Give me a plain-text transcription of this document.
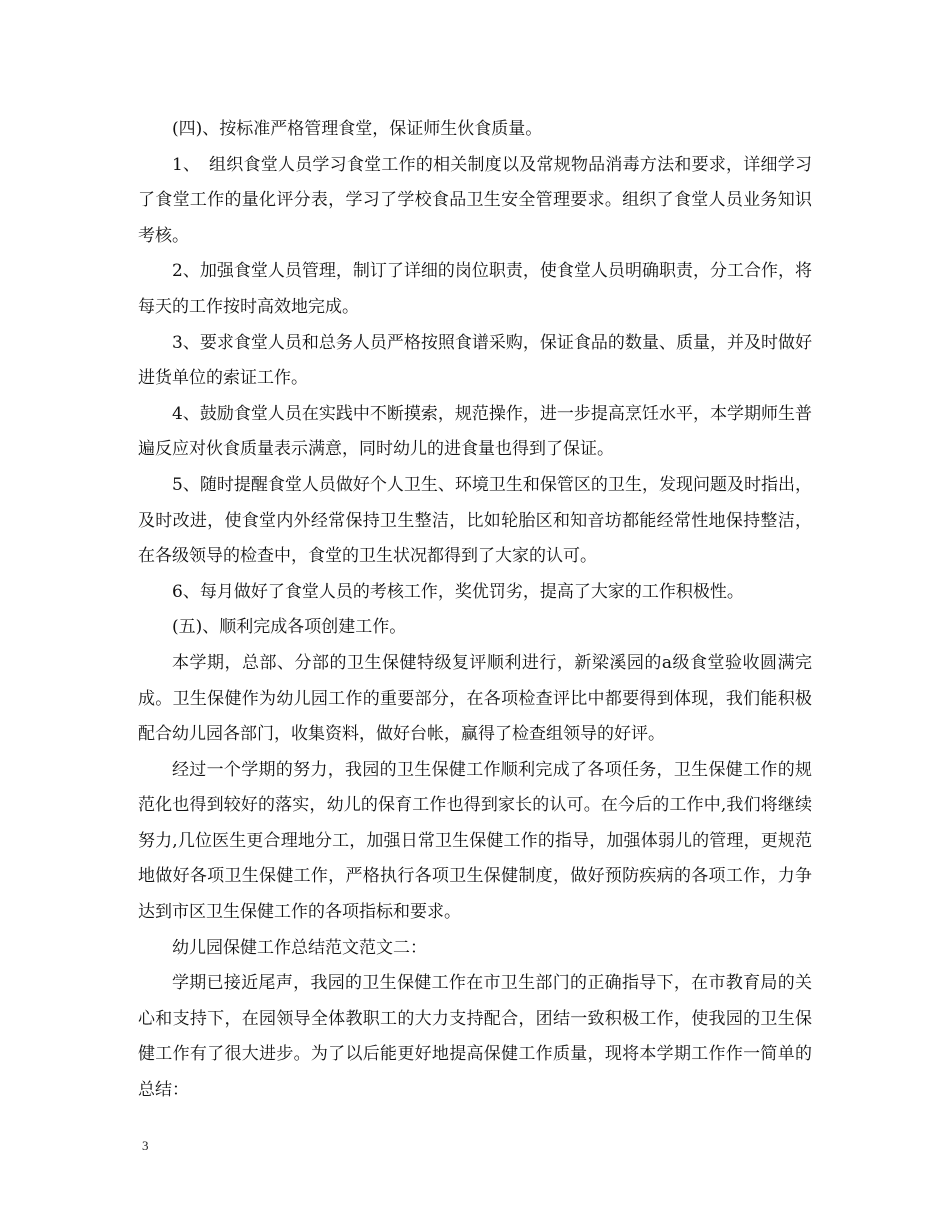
(四)、按标准严格管理食堂，保证师生伙食质量。

1、　组织食堂人员学习食堂工作的相关制度以及常规物品消毒方法和要求，详细学习了食堂工作的量化评分表，学习了学校食品卫生安全管理要求。组织了食堂人员业务知识考核。

2、加强食堂人员管理，制订了详细的岗位职责，使食堂人员明确职责，分工合作，将每天的工作按时高效地完成。

3、要求食堂人员和总务人员严格按照食谱采购，保证食品的数量、质量，并及时做好进货单位的索证工作。

4、鼓励食堂人员在实践中不断摸索，规范操作，进一步提高烹饪水平，本学期师生普遍反应对伙食质量表示满意，同时幼儿的进食量也得到了保证。

5、随时提醒食堂人员做好个人卫生、环境卫生和保管区的卫生，发现问题及时指出，及时改进，使食堂内外经常保持卫生整洁，比如轮胎区和知音坊都能经常性地保持整洁，在各级领导的检查中，食堂的卫生状况都得到了大家的认可。

6、每月做好了食堂人员的考核工作，奖优罚劣，提高了大家的工作积极性。

(五)、顺利完成各项创建工作。

本学期，总部、分部的卫生保健特级复评顺利进行，新梁溪园的a级食堂验收圆满完成。卫生保健作为幼儿园工作的重要部分，在各项检查评比中都要得到体现，我们能积极配合幼儿园各部门，收集资料，做好台帐，赢得了检查组领导的好评。

经过一个学期的努力，我园的卫生保健工作顺利完成了各项任务，卫生保健工作的规范化也得到较好的落实，幼儿的保育工作也得到家长的认可。在今后的工作中,我们将继续努力,几位医生更合理地分工，加强日常卫生保健工作的指导，加强体弱儿的管理，更规范地做好各项卫生保健工作，严格执行各项卫生保健制度，做好预防疾病的各项工作，力争达到市区卫生保健工作的各项指标和要求。

幼儿园保健工作总结范文范文二：

学期已接近尾声，我园的卫生保健工作在市卫生部门的正确指导下，在市教育局的关心和支持下，在园领导全体教职工的大力支持配合，团结一致积极工作，使我园的卫生保健工作有了很大进步。为了以后能更好地提高保健工作质量，现将本学期工作作一简单的总结：

3
